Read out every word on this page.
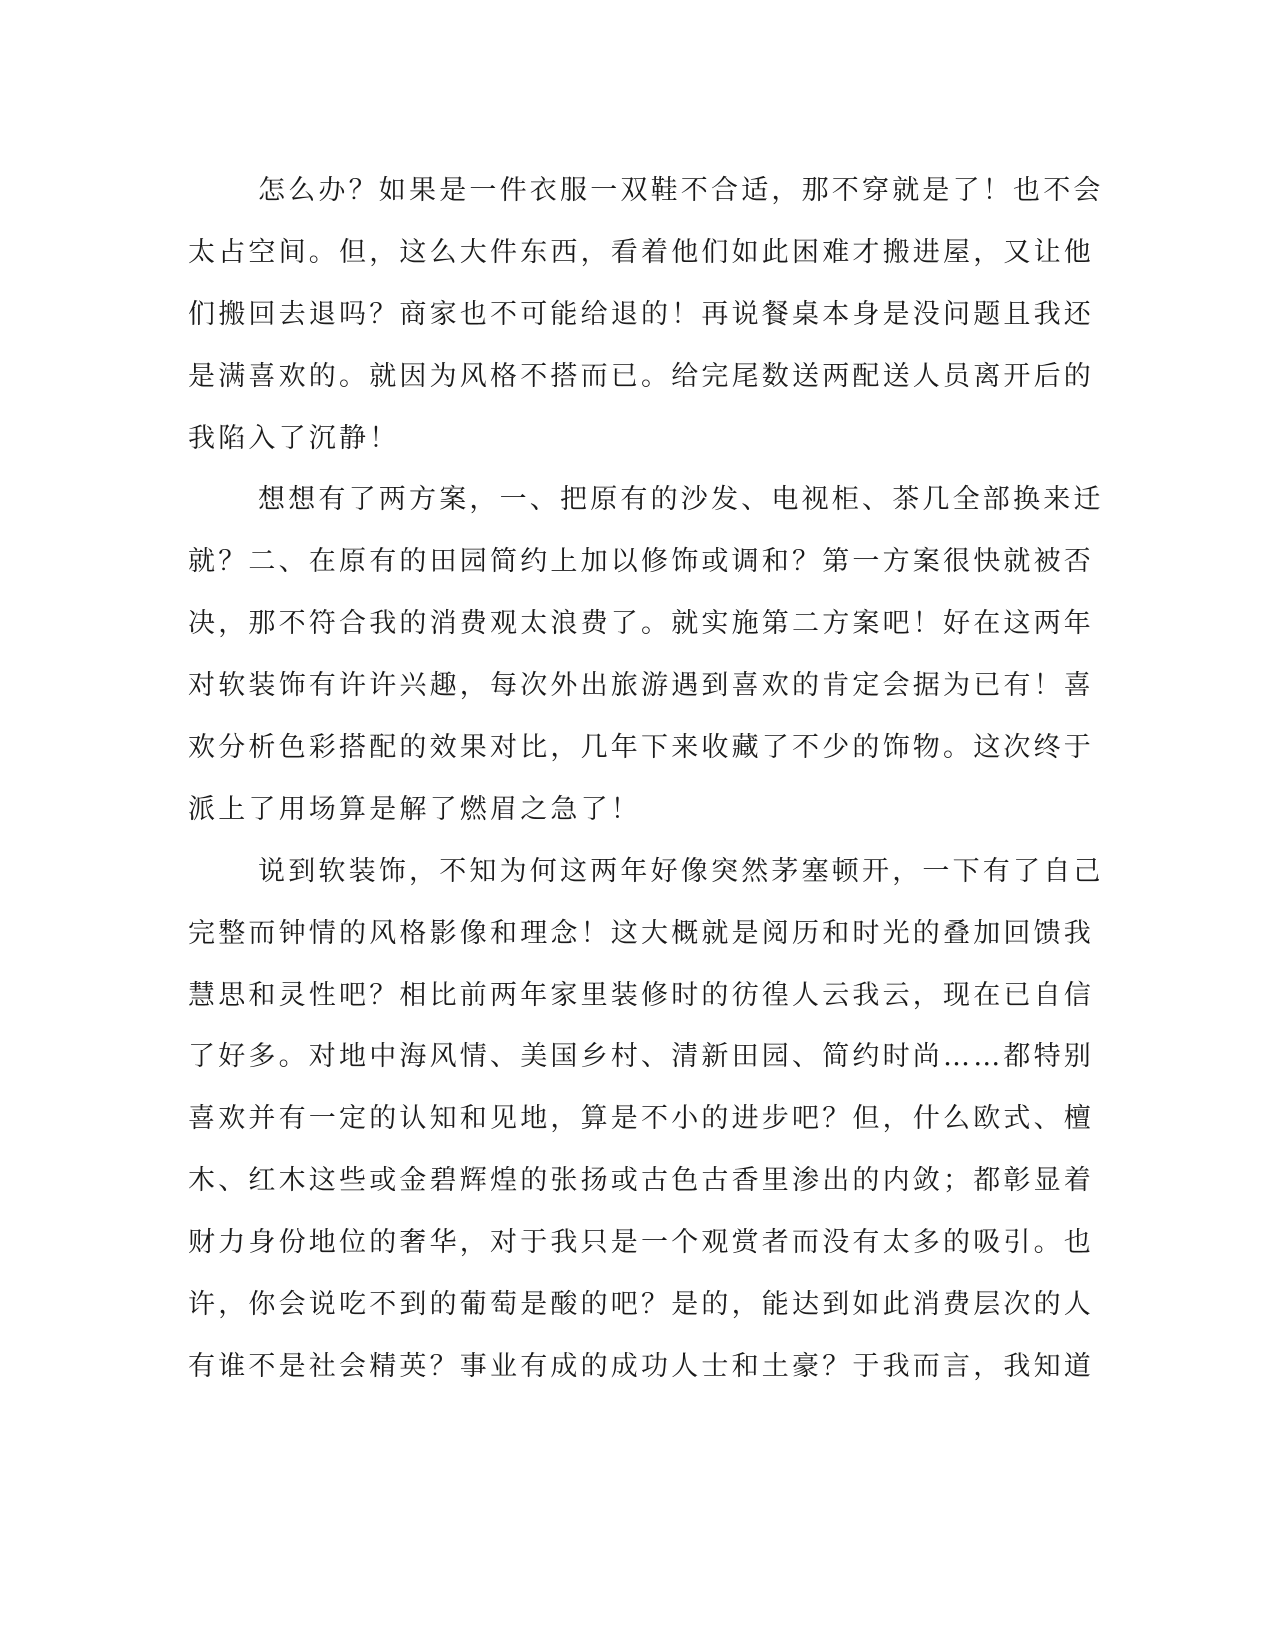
怎么办？如果是一件衣服一双鞋不合适，那不穿就是了！也不会
太占空间。但，这么大件东西，看着他们如此困难才搬进屋，又让他
们搬回去退吗？商家也不可能给退的！再说餐桌本身是没问题且我还
是满喜欢的。就因为风格不搭而已。给完尾数送两配送人员离开后的
我陷入了沉静！
想想有了两方案，一、把原有的沙发、电视柜、茶几全部换来迁
就？二、在原有的田园简约上加以修饰或调和？第一方案很快就被否
决，那不符合我的消费观太浪费了。就实施第二方案吧！好在这两年
对软装饰有许许兴趣，每次外出旅游遇到喜欢的肯定会据为已有！喜
欢分析色彩搭配的效果对比，几年下来收藏了不少的饰物。这次终于
派上了用场算是解了燃眉之急了！
说到软装饰，不知为何这两年好像突然茅塞顿开，一下有了自己
完整而钟情的风格影像和理念！这大概就是阅历和时光的叠加回馈我
慧思和灵性吧？相比前两年家里装修时的彷徨人云我云，现在已自信
了好多。对地中海风情、美国乡村、清新田园、简约时尚……都特别
喜欢并有一定的认知和见地，算是不小的进步吧？但，什么欧式、檀
木、红木这些或金碧辉煌的张扬或古色古香里渗出的内敛；都彰显着
财力身份地位的奢华，对于我只是一个观赏者而没有太多的吸引。也
许，你会说吃不到的葡萄是酸的吧？是的，能达到如此消费层次的人
有谁不是社会精英？事业有成的成功人士和土豪？于我而言，我知道
